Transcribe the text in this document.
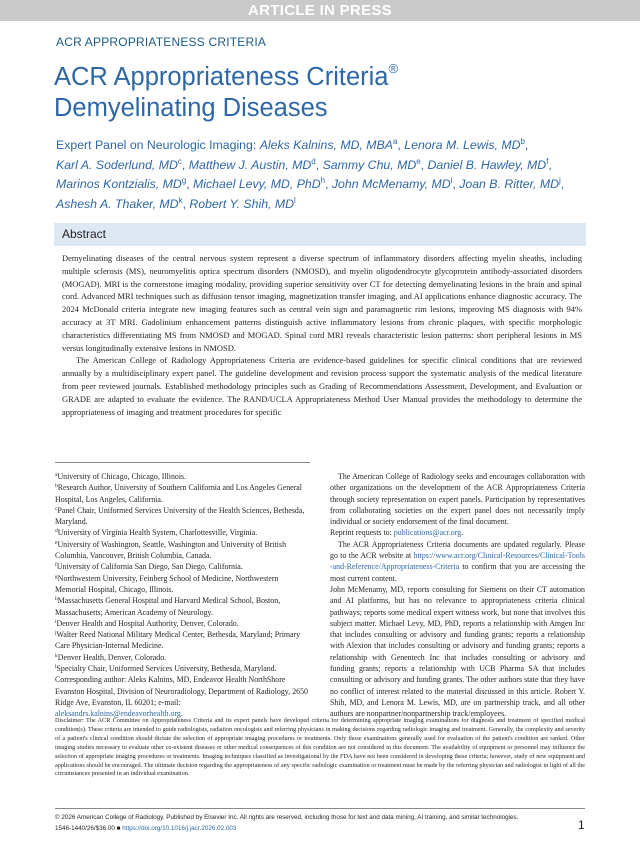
ARTICLE IN PRESS
ACR APPROPRIATENESS CRITERIA
ACR Appropriateness Criteria®
Demyelinating Diseases
Expert Panel on Neurologic Imaging: Aleks Kalnins, MD, MBA$^a$, Lenora M. Lewis, $MD^b$,
Karl A. Soderlund, $MD^c$, Matthew J. Austin, $MD^d$, Sammy Chu, MDe, Daniel B. Hawley, $MD^f$,
Marinos Kontzialis, $MD^g$, Michael Levy, MD, PhD$^h$, John McMenamy, $MD^i$, Joan B. Ritter, $MD^j$,
Ashesh A. Thaker, $MD^k$, Robert Y. Shih, $MD^l$
Abstract

Demyelinating diseases of the central nervous system represent a diverse spectrum of inflammatory disorders affecting myelin sheaths, including multiple sclerosis (MS), neuromyelitis optica spectrum disorders (NMOSD), and myelin oligodendrocyte glycoprotein antibody-associated disorders (MOGAD). MRI is the cornerstone imaging modality, providing superior sensitivity over CT for detecting demyelinating lesions in the brain and spinal cord. Advanced MRI techniques such as diffusion tensor imaging, magnetization transfer imaging, and AI applications enhance diagnostic accuracy. The 2024 McDonald criteria integrate new imaging features such as central vein sign and paramagnetic rim lesions, improving MS diagnosis with 94% accuracy at 3T MRI. Gadolinium enhancement patterns distinguish active inflammatory lesions from chronic plaques, with specific morphologic characteristics differentiating MS from NMOSD and MOGAD. Spinal cord MRI reveals characteristic lesion patterns: short peripheral lesions in MS versus longitudinally extensive lesions in NMOSD.

The American College of Radiology Appropriateness Criteria are evidence-based guidelines for specific clinical conditions that are reviewed annually by a multidisciplinary expert panel. The guideline development and revision process support the systematic analysis of the medical literature from peer reviewed journals. Established methodology principles such as Grading of Recommendations Assessment, Development, and Evaluation or GRADE are adapted to evaluate the evidence. The RAND/UCLA Appropriateness Method User Manual provides the methodology to determine the appropriateness of imaging and treatment procedures for specific

$^a$University of Chicago, Chicago, Illinois.

$^b$Research Author, University of Southern California and Los Angeles General Hospital, Los Angeles, California.

$^c$Panel Chair, Uniformed Services University of the Health Sciences, Bethesda, Maryland.

$^d$University of Virginia Health System, Charlottesville, Virginia.

$^e$University of Washington, Seattle, Washington and University of British Columbia, Vancouver, British Columbia, Canada.

$^f$University of California San Diego, San Diego, California.

$^g$Northwestern University, Feinberg School of Medicine, Northwestern Memorial Hospital, Chicago, Illinois.

$^h$Massachusetts General Hospital and Harvard Medical School, Boston, Massachusetts; American Academy of Neurology.

$^i$Denver Health and Hospital Authority, Denver, Colorado.

$^j$Walter Reed National Military Medical Center, Bethesda, Maryland; Primary Care Physician-Internal Medicine.

$^k$Denver Health, Denver, Colorado.

$^l$Specialty Chair, Uniformed Services University, Bethesda, Maryland.

Corresponding author: Aleks Kalnins, MD, Endeavor Health NorthShore Evanston Hospital, Division of Neuroradiology, Department of Radiology, 2650 Ridge Ave, Evanston, IL 60201; e-mail: aleksandrs.kalnins@endeavorhealth.org.

The American College of Radiology seeks and encourages collaboration with other organizations on the development of the ACR Appropriateness Criteria through society representation on expert panels. Participation by representatives from collaborating societies on the expert panel does not necessarily imply individual or society endorsement of the final document.

Reprint requests to: publications@acr.org.

The ACR Appropriateness Criteria documents are updated regularly. Please go to the ACR website at https://www.acr.org/Clinical-Resources/Clinical-Tools-and-Reference/Appropriateness-Criteria to confirm that you are accessing the most current content.

John McMenamy, MD, reports consulting for Siemens on their CT automation and AI platforms, but has no relevance to appropriateness criteria clinical pathways; reports some medical expert witness work, but none that involves this subject matter. Michael Levy, MD, PhD, reports a relationship with Amgen Inc that includes consulting or advisory and funding grants; reports a relationship with Alexion that includes consulting or advisory and funding grants; reports a relationship with Genentech Inc that includes consulting or advisory and funding grants; reports a relationship with UCB Pharma SA that includes consulting or advisory and funding grants. The other authors state that they have no conflict of interest related to the material discussed in this article. Robert Y. Shih, MD, and Lenora M. Lewis, MD, are on partnership track, and all other authors are nonpartner/nonpartnership track/employees.

Disclaimer: The ACR Committee on Appropriateness Criteria and its expert panels have developed criteria for determining appropriate imaging examinations for diagnosis and treatment of specified medical condition(s). These criteria are intended to guide radiologists, radiation oncologists and referring physicians in making decisions regarding radiologic imaging and treatment. Generally, the complexity and severity of a patient's clinical condition should dictate the selection of appropriate imaging procedures or treatments. Only those examinations generally used for evaluation of the patient's condition are ranked. Other imaging studies necessary to evaluate other co-existent diseases or other medical consequences of this condition are not considered in this document. The availability of equipment or personnel may influence the selection of appropriate imaging procedures or treatments. Imaging techniques classified as investigational by the FDA have not been considered in developing these criteria; however, study of new equipment and applications should be encouraged. The ultimate decision regarding the appropriateness of any specific radiologic examination or treatment must be made by the referring physician and radiologist in light of all the circumstances presented in an individual examination.
© 2026 American College of Radiology. Published by Elsevier Inc. All rights are reserved, including those for text and data mining, AI training, and similar technologies.
1546-1440/26/$36.00 ■ https://doi.org/10.1016/j.jacr.2026.02.003	1
